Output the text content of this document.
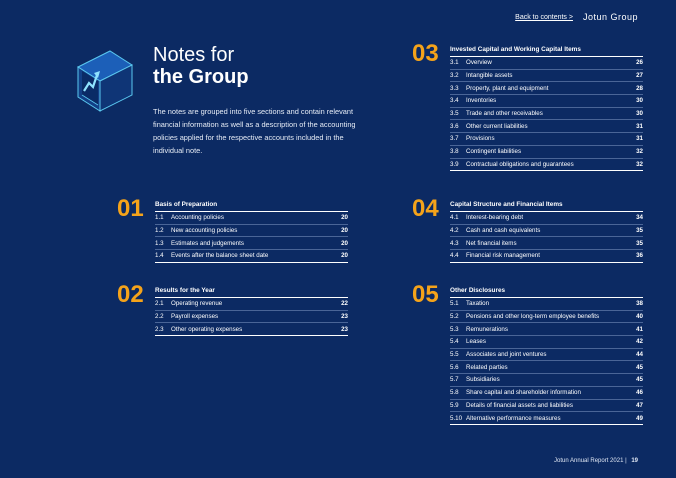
Back to contents > Jotun Group
Notes for
the Group

The notes are grouped into five sections and contain relevant financial information as well as a description of the accounting policies applied for the respective accounts included in the individual note.

01 Basis of Preparation
1.1	Accounting policies	20
1.2	New accounting policies	20
1.3	Estimates and judgements	20
1.4	Events after the balance sheet date	20
02 Results for the Year
2.1	Operating revenue	22
2.2	Payroll expenses	23
2.3	Other operating expenses	23
03 Invested Capital and Working Capital Items
3.1	Overview	26
3.2	Intangible assets	27
3.3	Property, plant and equipment	28
3.4	Inventories	30
3.5	Trade and other receivables	30
3.6	Other current liabilities	31
3.7	Provisions	31
3.8	Contingent liabilities	32
3.9	Contractual obligations and guarantees	32
04 Capital Structure and Financial Items
4.1	Interest-bearing debt	34
4.2	Cash and cash equivalents	35
4.3	Net financial items	35
4.4	Financial risk management	36
05 Other Disclosures
5.1	Taxation	38
5.2	Pensions and other long-term employee benefits	40
5.3	Remunerations	41
5.4	Leases	42
5.5	Associates and joint ventures	44
5.6	Related parties	45
5.7	Subsidiaries	45
5.8	Share capital and shareholder information	46
5.9	Details of financial assets and liabilities	47
5.10 Alternative performance measures	49
Jotun Annual Report 2021 | 19
